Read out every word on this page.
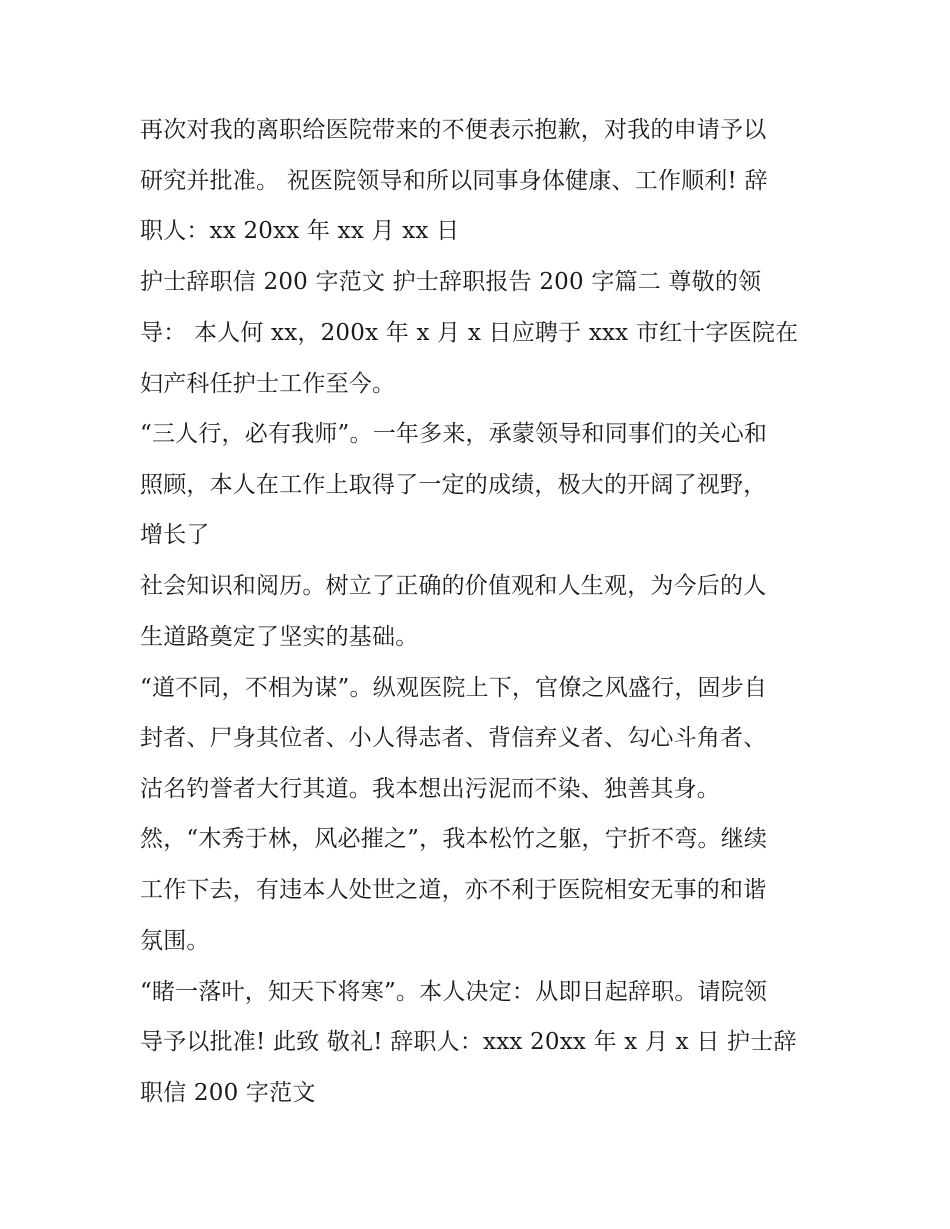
再次对我的离职给医院带来的不便表示抱歉，对我的申请予以
研究并批准。 祝医院领导和所以同事身体健康、工作顺利! 辞
职人：xx 20xx 年 xx 月 xx 日
护士辞职信 200 字范文 护士辞职报告 200 字篇二 尊敬的领
导： 本人何 xx，200x 年 x 月 x 日应聘于 xxx 市红十字医院在
妇产科任护士工作至今。
“三人行，必有我师”。一年多来，承蒙领导和同事们的关心和
照顾，本人在工作上取得了一定的成绩，极大的开阔了视野，
增长了
社会知识和阅历。树立了正确的价值观和人生观，为今后的人
生道路奠定了坚实的基础。
“道不同，不相为谋”。纵观医院上下，官僚之风盛行，固步自
封者、尸身其位者、小人得志者、背信弃义者、勾心斗角者、
沽名钓誉者大行其道。我本想出污泥而不染、独善其身。
然，“木秀于林，风必摧之”，我本松竹之躯，宁折不弯。继续
工作下去，有违本人处世之道，亦不利于医院相安无事的和谐
氛围。
“睹一落叶，知天下将寒”。本人决定：从即日起辞职。请院领
导予以批准! 此致 敬礼! 辞职人：xxx 20xx 年 x 月 x 日 护士辞
职信 200 字范文
